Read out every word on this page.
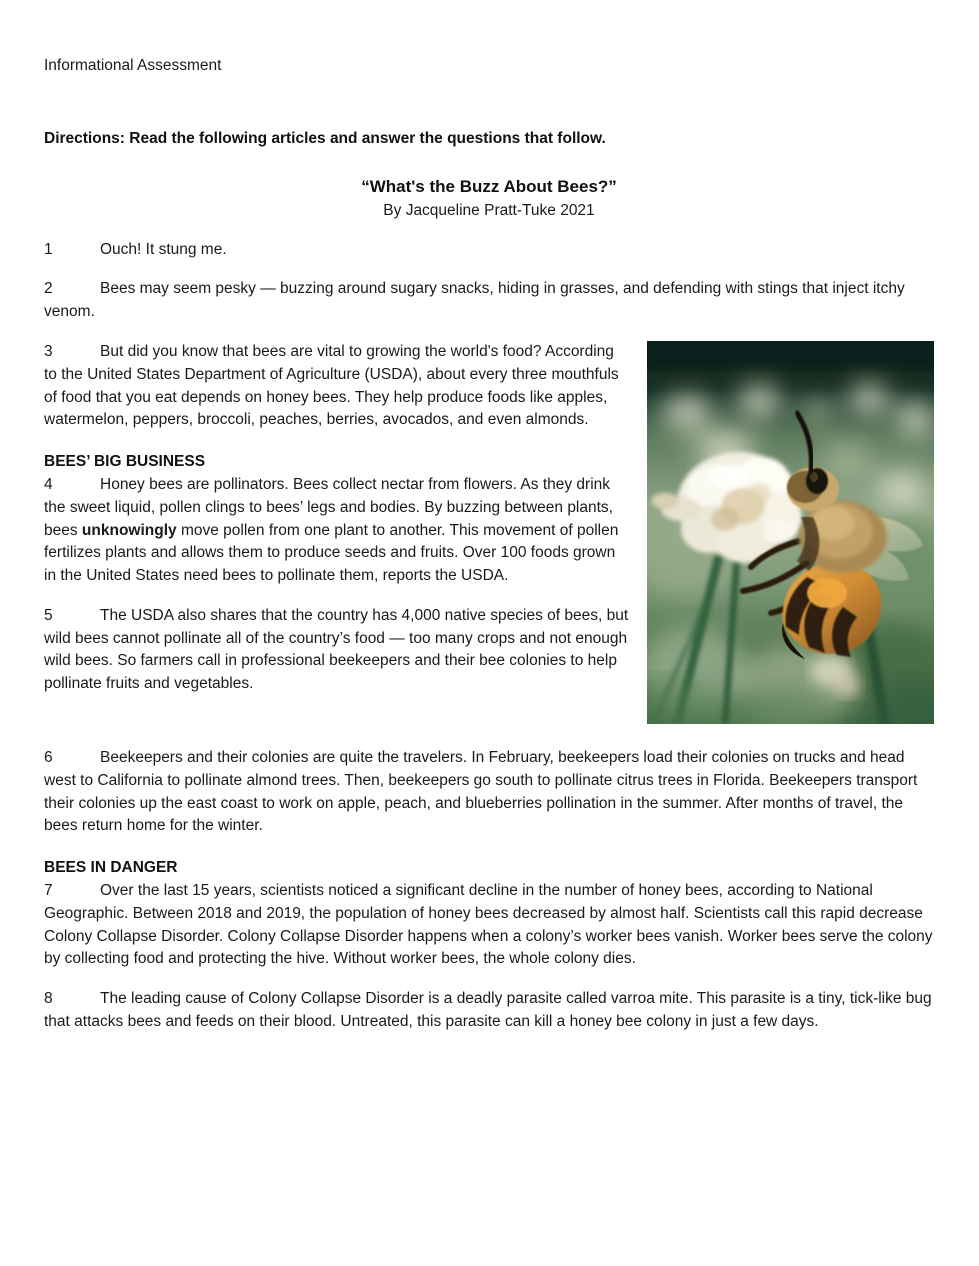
Informational Assessment
Directions: Read the following articles and answer the questions that follow.
“What's the Buzz About Bees?”
By Jacqueline Pratt-Tuke 2021
1	Ouch! It stung me.
2	Bees may seem pesky — buzzing around sugary snacks, hiding in grasses, and defending with stings that inject itchy venom.
3	But did you know that bees are vital to growing the world's food? According to the United States Department of Agriculture (USDA), about every three mouthfuls of food that you eat depends on honey bees. They help produce foods like apples, watermelon, peppers, broccoli, peaches, berries, avocados, and even almonds.
BEES’ BIG BUSINESS
4	Honey bees are pollinators. Bees collect nectar from flowers. As they drink the sweet liquid, pollen clings to bees’ legs and bodies. By buzzing between plants, bees unknowingly move pollen from one plant to another. This movement of pollen fertilizes plants and allows them to produce seeds and fruits. Over 100 foods grown in the United States need bees to pollinate them, reports the USDA.
5	The USDA also shares that the country has 4,000 native species of bees, but wild bees cannot pollinate all of the country’s food — too many crops and not enough wild bees. So farmers call in professional beekeepers and their bee colonies to help pollinate fruits and vegetables.
6	Beekeepers and their colonies are quite the travelers. In February, beekeepers load their colonies on trucks and head west to California to pollinate almond trees. Then, beekeepers go south to pollinate citrus trees in Florida. Beekeepers transport their colonies up the east coast to work on apple, peach, and blueberries pollination in the summer. After months of travel, the bees return home for the winter.
BEES IN DANGER
7	Over the last 15 years, scientists noticed a significant decline in the number of honey bees, according to National Geographic. Between 2018 and 2019, the population of honey bees decreased by almost half. Scientists call this rapid decrease Colony Collapse Disorder. Colony Collapse Disorder happens when a colony’s worker bees vanish. Worker bees serve the colony by collecting food and protecting the hive. Without worker bees, the whole colony dies.
8	The leading cause of Colony Collapse Disorder is a deadly parasite called varroa mite. This parasite is a tiny, tick-like bug that attacks bees and feeds on their blood. Untreated, this parasite can kill a honey bee colony in just a few days.
